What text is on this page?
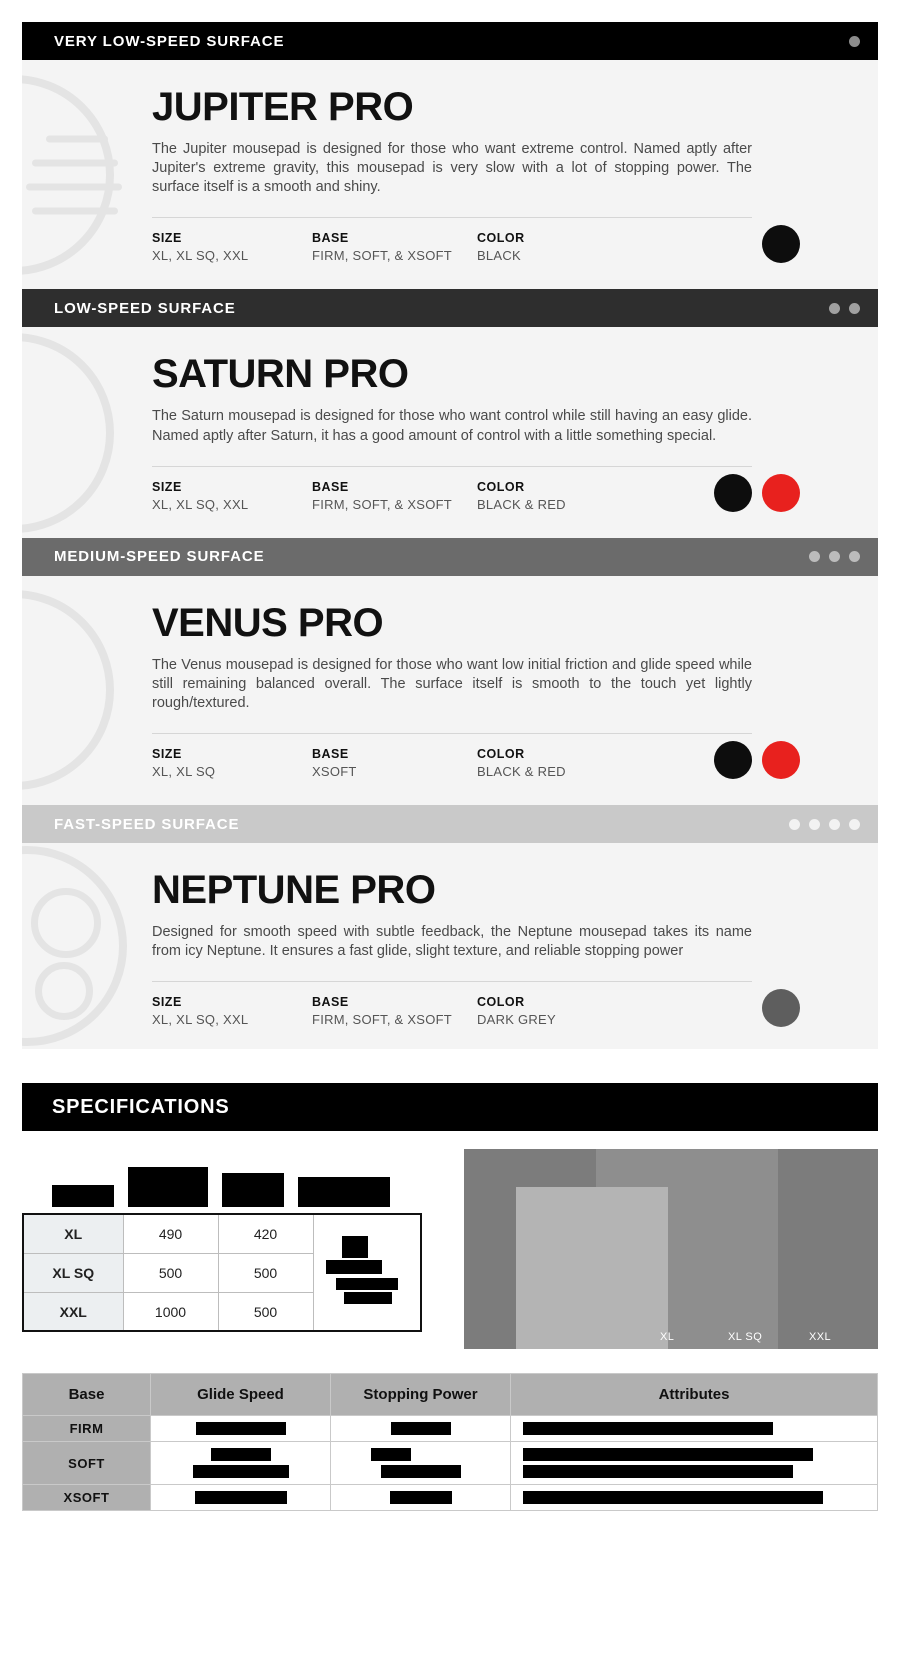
VERY LOW-SPEED SURFACE
JUPITER PRO
The Jupiter mousepad is designed for those who want extreme control. Named aptly after Jupiter's extreme gravity, this mousepad is very slow with a lot of stopping power. The surface itself is a smooth and shiny.
SIZE
XL, XL SQ, XXL
BASE
FIRM, SOFT, & XSOFT
COLOR
BLACK
LOW-SPEED SURFACE
SATURN PRO
The Saturn mousepad is designed for those who want control while still having an easy glide. Named aptly after Saturn, it has a good amount of control with a little something special.
SIZE
XL, XL SQ, XXL
BASE
FIRM, SOFT, & XSOFT
COLOR
BLACK & RED
MEDIUM-SPEED SURFACE
VENUS PRO
The Venus mousepad is designed for those who want low initial friction and glide speed while still remaining balanced overall. The surface itself is smooth to the touch yet lightly rough/textured.
SIZE
XL, XL SQ
BASE
XSOFT
COLOR
BLACK & RED
FAST-SPEED SURFACE
NEPTUNE PRO
Designed for smooth speed with subtle feedback, the Neptune mousepad takes its name from icy Neptune. It ensures a fast glide, slight texture, and reliable stopping power
SIZE
XL, XL SQ, XXL
BASE
FIRM, SOFT, & XSOFT
COLOR
DARK GREY
SPECIFICATIONS
XL	490	420	

XL SQ	500	500	
XXL	1000	500	
XL	XL SQ	XXL
Base	Glide Speed	Stopping Power	Attributes
FIRM	

SOFT	

XSOFT	
